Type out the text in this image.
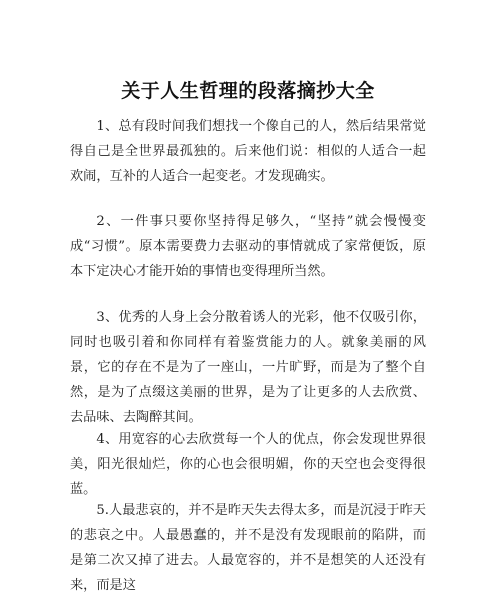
关于人生哲理的段落摘抄大全

1、总有段时间我们想找一个像自己的人，然后结果常觉得自己是全世界最孤独的。后来他们说：相似的人适合一起欢闹，互补的人适合一起变老。才发现确实。

2、一件事只要你坚持得足够久，“坚持”就会慢慢变成“习惯”。原本需要费力去驱动的事情就成了家常便饭，原本下定决心才能开始的事情也变得理所当然。

3、优秀的人身上会分散着诱人的光彩，他不仅吸引你，同时也吸引着和你同样有着鉴赏能力的人。就象美丽的风景，它的存在不是为了一座山，一片旷野，而是为了整个自然，是为了点缀这美丽的世界，是为了让更多的人去欣赏、去品味、去陶醉其间。

4、用宽容的心去欣赏每一个人的优点，你会发现世界很美，阳光很灿烂，你的心也会很明媚，你的天空也会变得很蓝。

5.人最悲哀的，并不是昨天失去得太多，而是沉浸于昨天的悲哀之中。人最愚蠢的，并不是没有发现眼前的陷阱，而是第二次又掉了进去。人最宽容的，并不是想笑的人还没有来，而是这
